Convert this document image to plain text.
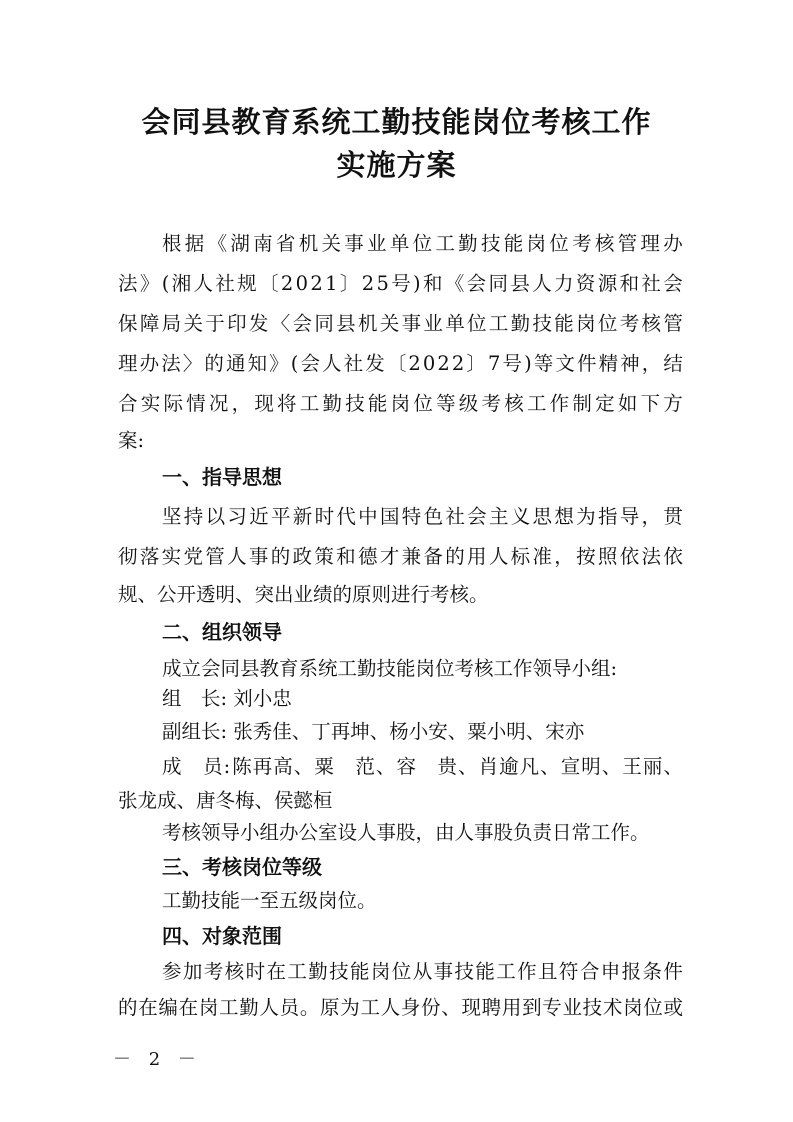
会同县教育系统工勤技能岗位考核工作
实施方案
根 据 《 湖 南 省 机 关 事 业 单 位 工 勤 技 能 岗 位 考 核 管 理 办
法 》 ( 湘 人 社 规 〔 2 0 2 1 〕 2 5 号 ) 和 《 会 同 县 人 力 资 源 和 社 会
保 障 局 关 于 印 发 〈 会 同 县 机 关 事 业 单 位 工 勤 技 能 岗 位 考 核 管
理 办 法 〉 的 通 知 》 ( 会 人 社 发 〔 2 0 2 2 〕 7 号 ) 等 文 件 精 神 ， 结
合 实 际 情 况 ， 现 将 工 勤 技 能 岗 位 等 级 考 核 工 作 制 定 如 下 方
案:
一、指导思想
坚 持 以 习 近 平 新 时 代 中 国 特 色 社 会 主 义 思 想 为 指 导 ， 贯
彻 落 实 党 管 人 事 的 政 策 和 德 才 兼 备 的 用 人 标 准 ， 按 照 依 法 依
规、公开透明、突出业绩的原则进行考核。
二、组织领导
成立会同县教育系统工勤技能岗位考核工作领导小组:
组　长: 刘小忠
副组长: 张秀佳、丁再坤、杨小安、粟小明、宋亦
成
　 员 : 陈 再 高 、 粟
　 范 、 容
　 贵 、 肖 逾 凡 、 宣 明 、 王 丽 、
张龙成、唐冬梅、侯懿桓
考核领导小组办公室设人事股，由人事股负责日常工作。
三、考核岗位等级
工勤技能一至五级岗位。
四、对象范围
参 加 考 核 时 在 工 勤 技 能 岗 位 从 事 技 能 工 作 且 符 合 申 报 条 件
的 在 编 在 岗 工 勤 人 员 。 原 为 工 人 身 份 、 现 聘 用 到 专 业 技 术 岗 位 或
－ 2 －
